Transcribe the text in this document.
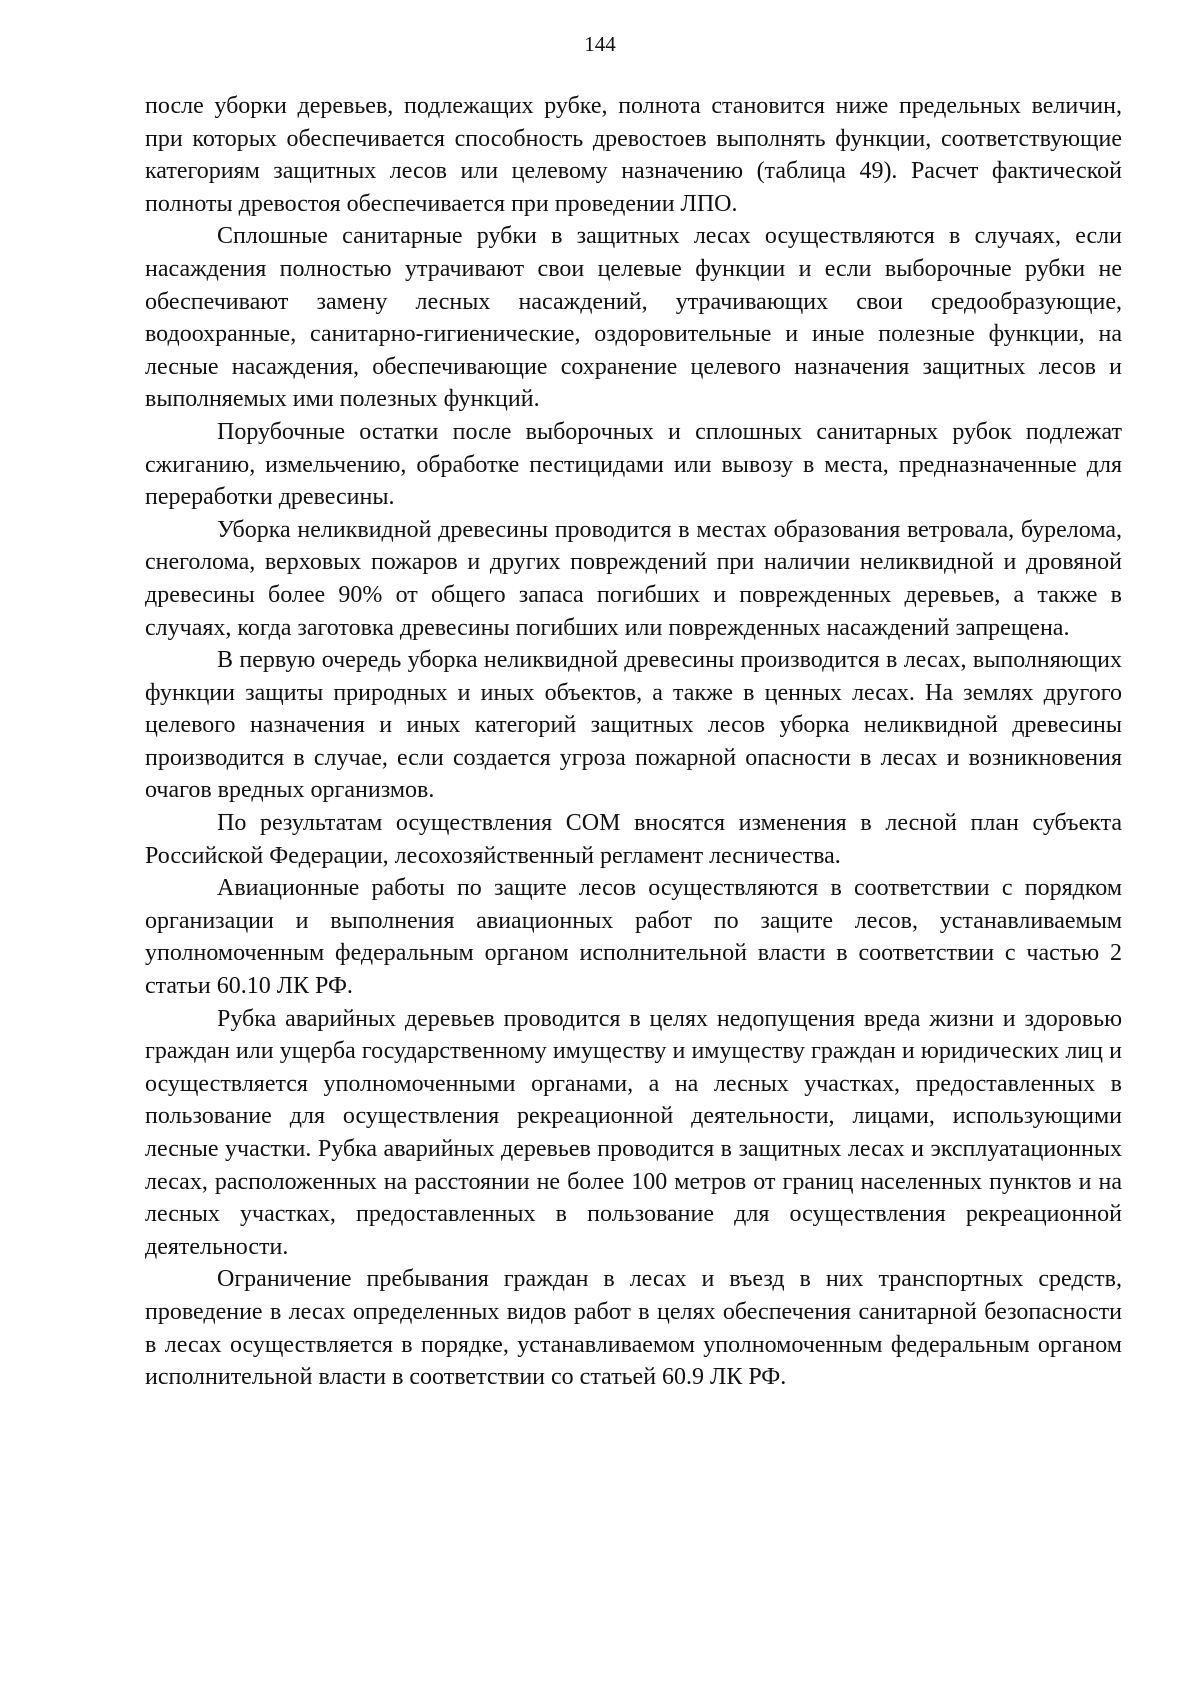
144

после уборки деревьев, подлежащих рубке, полнота становится ниже предельных величин, при которых обеспечивается способность древостоев выполнять функции, соответствующие категориям защитных лесов или целевому назначению (таблица 49). Расчет фактической полноты древостоя обеспечивается при проведении ЛПО.

Сплошные санитарные рубки в защитных лесах осуществляются в случаях, если насаждения полностью утрачивают свои целевые функции и если выборочные рубки не обеспечивают замену лесных насаждений, утрачивающих свои средообразующие, водоохранные, санитарно-гигиенические, оздоровительные и иные полезные функции, на лесные насаждения, обеспечивающие сохранение целевого назначения защитных лесов и выполняемых ими полезных функций.

Порубочные остатки после выборочных и сплошных санитарных рубок подлежат сжиганию, измельчению, обработке пестицидами или вывозу в места, предназначенные для переработки древесины.

Уборка неликвидной древесины проводится в местах образования ветровала, бурелома, снеголома, верховых пожаров и других повреждений при наличии неликвидной и дровяной древесины более 90% от общего запаса погибших и поврежденных деревьев, а также в случаях, когда заготовка древесины погибших или поврежденных насаждений запрещена.

В первую очередь уборка неликвидной древесины производится в лесах, выполняющих функции защиты природных и иных объектов, а также в ценных лесах. На землях другого целевого назначения и иных категорий защитных лесов уборка неликвидной древесины производится в случае, если создается угроза пожарной опасности в лесах и возникновения очагов вредных организмов.

По результатам осуществления СОМ вносятся изменения в лесной план субъекта Российской Федерации, лесохозяйственный регламент лесничества.

Авиационные работы по защите лесов осуществляются в соответствии с порядком организации и выполнения авиационных работ по защите лесов, устанавливаемым уполномоченным федеральным органом исполнительной власти в соответствии с частью 2 статьи 60.10 ЛК РФ.

Рубка аварийных деревьев проводится в целях недопущения вреда жизни и здоровью граждан или ущерба государственному имуществу и имуществу граждан и юридических лиц и осуществляется уполномоченными органами, а на лесных участках, предоставленных в пользование для осуществления рекреационной деятельности, лицами, использующими лесные участки. Рубка аварийных деревьев проводится в защитных лесах и эксплуатационных лесах, расположенных на расстоянии не более 100 метров от границ населенных пунктов и на лесных участках, предоставленных в пользование для осуществления рекреационной деятельности.

Ограничение пребывания граждан в лесах и въезд в них транспортных средств, проведение в лесах определенных видов работ в целях обеспечения санитарной безопасности в лесах осуществляется в порядке, устанавливаемом уполномоченным федеральным органом исполнительной власти в соответствии со статьей 60.9 ЛК РФ.
